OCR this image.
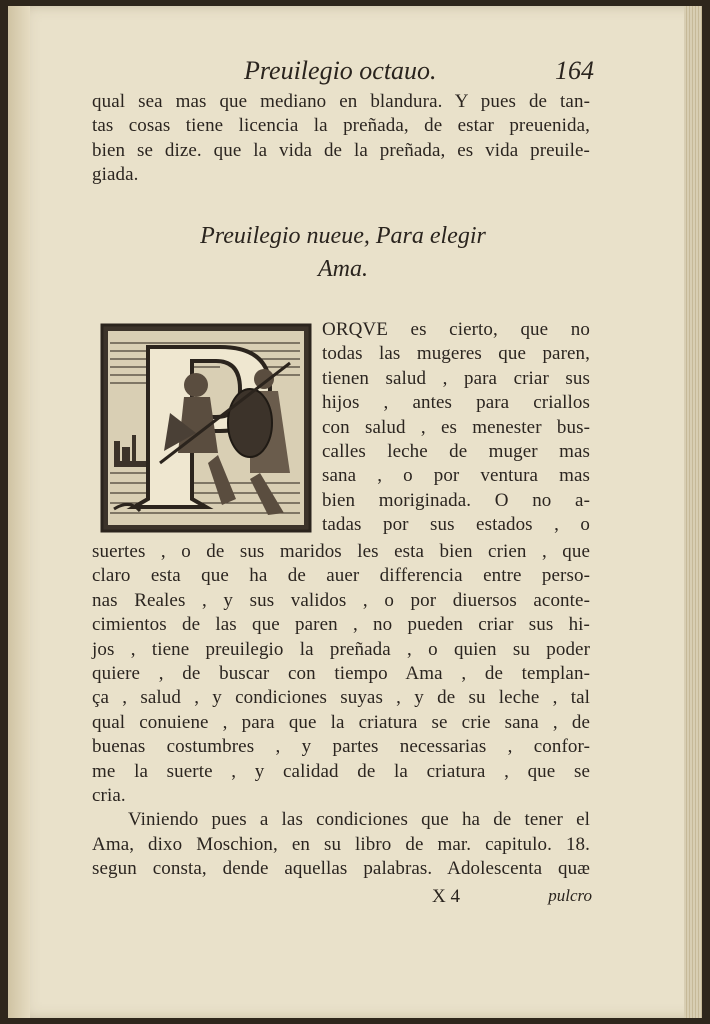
Preuilegio octauo.	164
qual sea mas que mediano en blandura. Y pues de tan-
tas cosas tiene licencia la preñada, de estar preuenida,
bien se dize. que la vida de la preñada, es vida preuile-
giada.
Preuilegio nueue, Para elegir
Ama.
ORQVE es cierto, que no
todas las mugeres que paren,
tienen salud , para criar sus
hijos , antes para criallos
con salud , es menester bus-
calles leche de muger mas
sana , o por ventura mas
bien moriginada. O no a-
tadas por sus estados , o
suertes , o de sus maridos les esta bien crien , que
claro esta que ha de auer differencia entre perso-
nas Reales , y sus validos , o por diuersos aconte-
cimientos de las que paren , no pueden criar sus hi-
jos , tiene preuilegio la preñada , o quien su poder
quiere , de buscar con tiempo Ama , de templan-
ça , salud , y condiciones suyas , y de su leche , tal
qual conuiene , para que la criatura se crie sana , de
buenas costumbres , y partes necessarias , confor-
me la suerte , y calidad de la criatura , que se
cria.
Viniendo pues a las condiciones que ha de tener el
Ama, dixo Moschion, en su libro de mar. capitulo. 18.
segun consta, dende aquellas palabras. Adolescenta quæ
X 4	pulcro
